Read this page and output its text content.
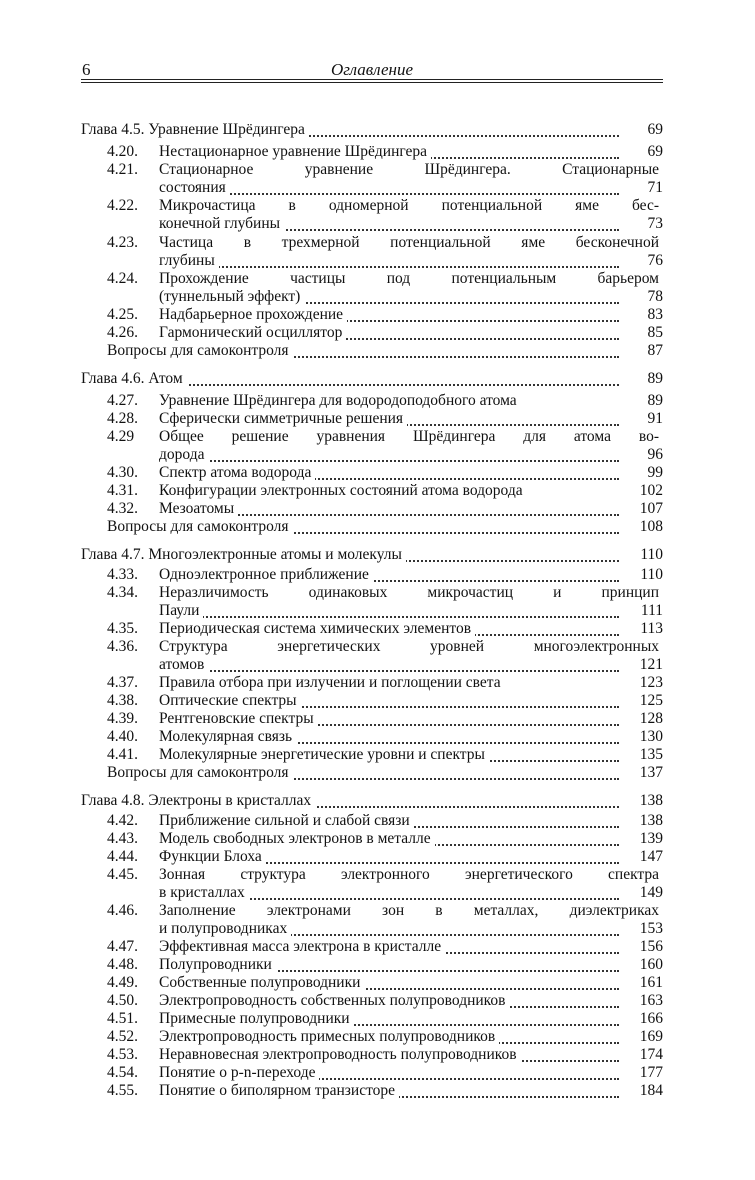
6	Оглавление
Глава 4.5. Уравнение Шрёдингера	69
4.20. Нестационарное уравнение Шрёдингера	69
4.21. Стационарное уравнение Шрёдингера. Стационарные
состояния	71
4.22. Микрочастица в одномерной потенциальной яме бес-
конечной глубины	73
4.23. Частица в трехмерной потенциальной яме бесконечной
глубины	76
4.24. Прохождение частицы под потенциальным барьером
(туннельный эффект)	78
4.25. Надбарьерное прохождение	83
4.26. Гармонический осциллятор	85
Вопросы для самоконтроля	87
Глава 4.6. Атом	89
4.27. Уравнение Шрёдингера для водородоподобного атома	89
4.28. Сферически симметричные решения	91
4.29 Общее решение уравнения Шрёдингера для атома во-
дорода	96
4.30. Спектр атома водорода	99
4.31. Конфигурации электронных состояний атома водорода	102
4.32. Мезоатомы	107
Вопросы для самоконтроля	108
Глава 4.7. Многоэлектронные атомы и молекулы	110
4.33. Одноэлектронное приближение	110
4.34. Неразличимость одинаковых микрочастиц и принцип
Паули	111
4.35. Периодическая система химических элементов	113
4.36. Структура энергетических уровней многоэлектронных
атомов	121
4.37. Правила отбора при излучении и поглощении света	123
4.38. Оптические спектры	125
4.39. Рентгеновские спектры	128
4.40. Молекулярная связь	130
4.41. Молекулярные энергетические уровни и спектры	135
Вопросы для самоконтроля	137
Глава 4.8. Электроны в кристаллах	138
4.42. Приближение сильной и слабой связи	138
4.43. Модель свободных электронов в металле	139
4.44. Функции Блоха	147
4.45. Зонная структура электронного энергетического спектра
в кристаллах	149
4.46. Заполнение электронами зон в металлах, диэлектриках
и полупроводниках	153
4.47. Эффективная масса электрона в кристалле	156
4.48. Полупроводники	160
4.49. Собственные полупроводники	161
4.50. Электропроводность собственных полупроводников	163
4.51. Примесные полупроводники	166
4.52. Электропроводность примесных полупроводников	169
4.53. Неравновесная электропроводность полупроводников	174
4.54. Понятие о p-n-переходе	177
4.55. Понятие о биполярном транзисторе	184
